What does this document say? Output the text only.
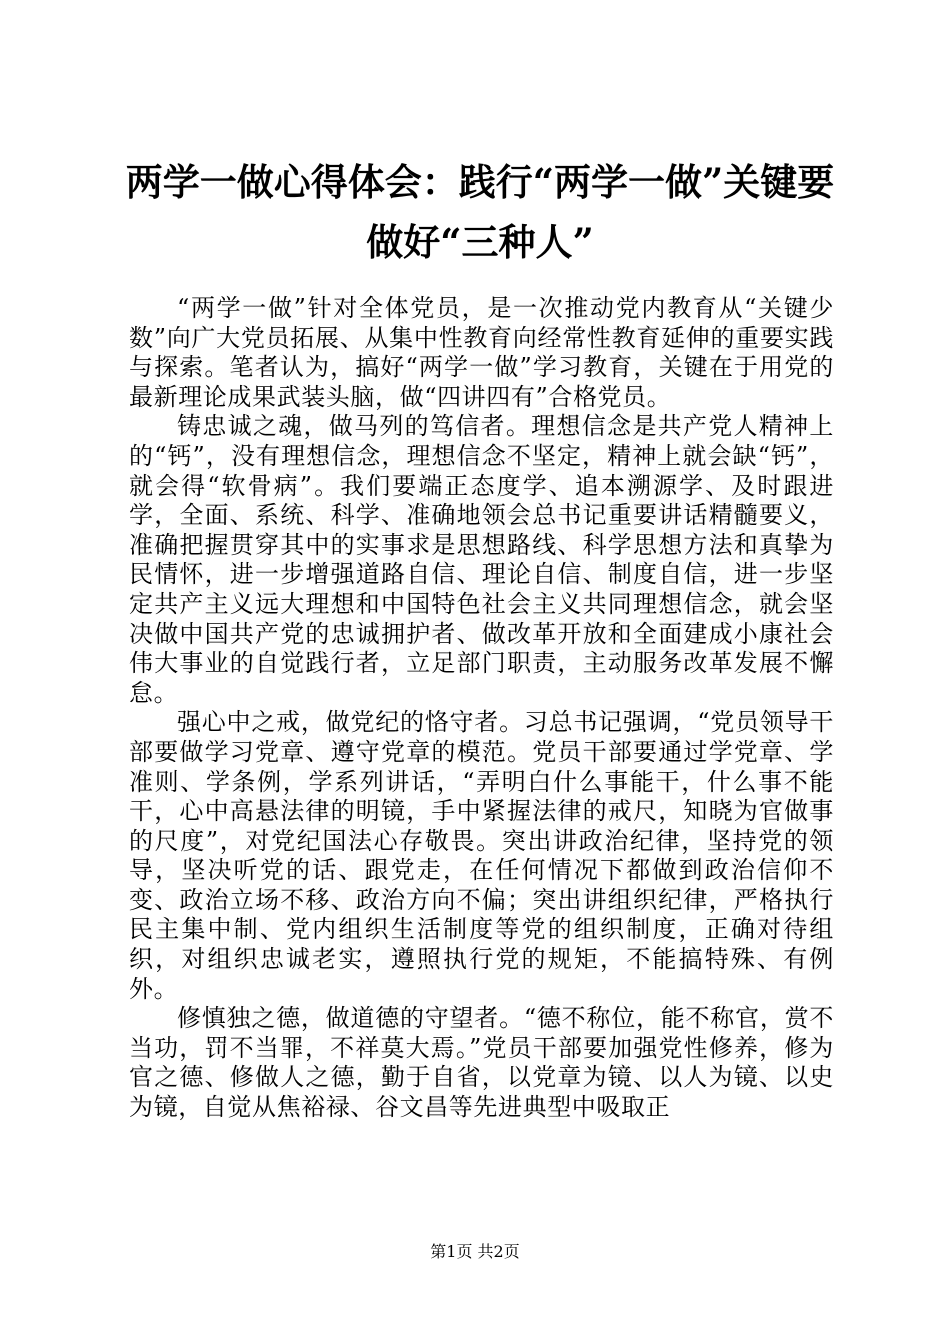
两学一做心得体会：践行“两学一做”关键要
做好“三种人”

“两学一做”针对全体党员，是一次推动党内教育从“关键少数”向广大党员拓展、从集中性教育向经常性教育延伸的重要实践与探索。笔者认为，搞好“两学一做”学习教育，关键在于用党的最新理论成果武装头脑，做“四讲四有”合格党员。

铸忠诚之魂，做马列的笃信者。理想信念是共产党人精神上的“钙”，没有理想信念，理想信念不坚定，精神上就会缺“钙”，就会得“软骨病”。我们要端正态度学、追本溯源学、及时跟进学，全面、系统、科学、准确地领会总书记重要讲话精髓要义，准确把握贯穿其中的实事求是思想路线、科学思想方法和真挚为民情怀，进一步增强道路自信、理论自信、制度自信，进一步坚定共产主义远大理想和中国特色社会主义共同理想信念，就会坚决做中国共产党的忠诚拥护者、做改革开放和全面建成小康社会伟大事业的自觉践行者，立足部门职责，主动服务改革发展不懈怠。

强心中之戒，做党纪的恪守者。习总书记强调，“党员领导干部要做学习党章、遵守党章的模范。党员干部要通过学党章、学准则、学条例，学系列讲话，“弄明白什么事能干，什么事不能干，心中高悬法律的明镜，手中紧握法律的戒尺，知晓为官做事的尺度”，对党纪国法心存敬畏。突出讲政治纪律，坚持党的领导，坚决听党的话、跟党走，在任何情况下都做到政治信仰不变、政治立场不移、政治方向不偏；突出讲组织纪律，严格执行民主集中制、党内组织生活制度等党的组织制度，正确对待组织，对组织忠诚老实，遵照执行党的规矩，不能搞特殊、有例外。

修慎独之德，做道德的守望者。“德不称位，能不称官，赏不当功，罚不当罪，不祥莫大焉。”党员干部要加强党性修养，修为官之德、修做人之德，勤于自省，以党章为镜、以人为镜、以史为镜，自觉从焦裕禄、谷文昌等先进典型中吸取正

第1页 共2页
